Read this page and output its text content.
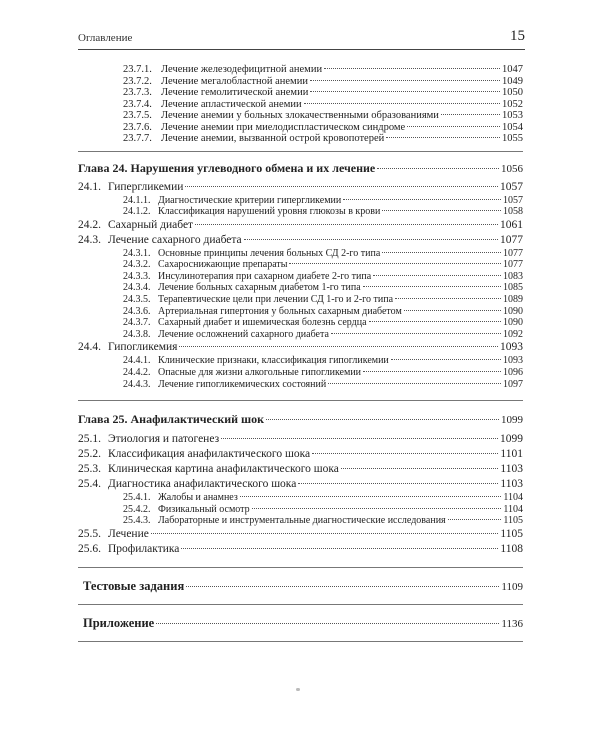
Оглавление	15
23.7.1. Лечение железодефицитной анемии	1047
23.7.2. Лечение мегалобластной анемии	1049
23.7.3. Лечение гемолитической анемии	1050
23.7.4. Лечение апластической анемии	1052
23.7.5. Лечение анемии у больных злокачественными образованиями	1053
23.7.6. Лечение анемии при миелодиспластическом синдроме	1054
23.7.7. Лечение анемии, вызванной острой кровопотерей	1055
Глава 24. Нарушения углеводного обмена и их лечение	1056
24.1. Гипергликемии	1057
24.1.1. Диагностические критерии гипергликемии	1057
24.1.2. Классификация нарушений уровня глюкозы в крови	1058
24.2. Сахарный диабет	1061
24.3. Лечение сахарного диабета	1077
24.3.1. Основные принципы лечения больных СД 2-го типа	1077
24.3.2. Сахароснижающие препараты	1077
24.3.3. Инсулинотерапия при сахарном диабете 2-го типа	1083
24.3.4. Лечение больных сахарным диабетом 1-го типа	1085
24.3.5. Терапевтические цели при лечении СД 1-го и 2-го типа	1089
24.3.6. Артериальная гипертония у больных сахарным диабетом	1090
24.3.7. Сахарный диабет и ишемическая болезнь сердца	1090
24.3.8. Лечение осложнений сахарного диабета	1092
24.4. Гипогликемия	1093
24.4.1. Клинические признаки, классификация гипогликемии	1093
24.4.2. Опасные для жизни алкогольные гипогликемии	1096
24.4.3. Лечение гипогликемических состояний	1097
Глава 25. Анафилактический шок	1099
25.1. Этиология и патогенез	1099
25.2. Классификация анафилактического шока	1101
25.3. Клиническая картина анафилактического шока	1103
25.4. Диагностика анафилактического шока	1103
25.4.1. Жалобы и анамнез	1104
25.4.2. Физикальный осмотр	1104
25.4.3. Лабораторные и инструментальные диагностические исследования	1105
25.5. Лечение	1105
25.6. Профилактика	1108
Тестовые задания	1109
Приложение	1136
